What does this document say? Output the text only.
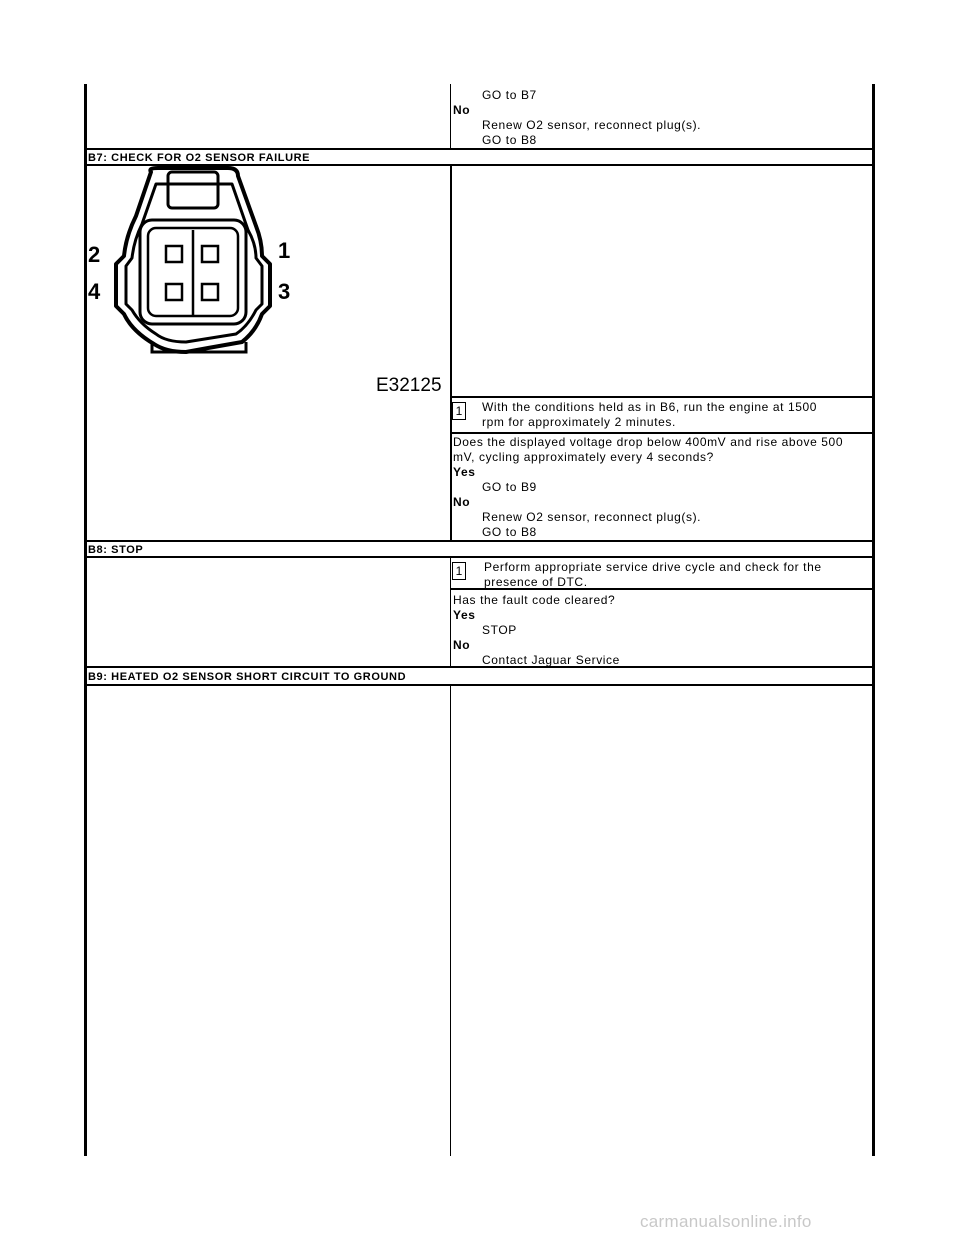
GO to B7
No
Renew O2 sensor, reconnect plug(s).
GO to B8
B7: CHECK FOR O2 SENSOR FAILURE
2	1
4	3
E32125
1	With the conditions held as in B6, run the engine at 1500
rpm for approximately 2 minutes.
Does the displayed voltage drop below 400mV and rise above 500
mV, cycling approximately every 4 seconds?
Yes
GO to B9
No
Renew O2 sensor, reconnect plug(s).
GO to B8
B8: STOP
1	Perform appropriate service drive cycle and check for the
presence of DTC.
Has the fault code cleared?
Yes
STOP
No
Contact Jaguar Service
B9: HEATED O2 SENSOR SHORT CIRCUIT TO GROUND
carmanualsonline.info
